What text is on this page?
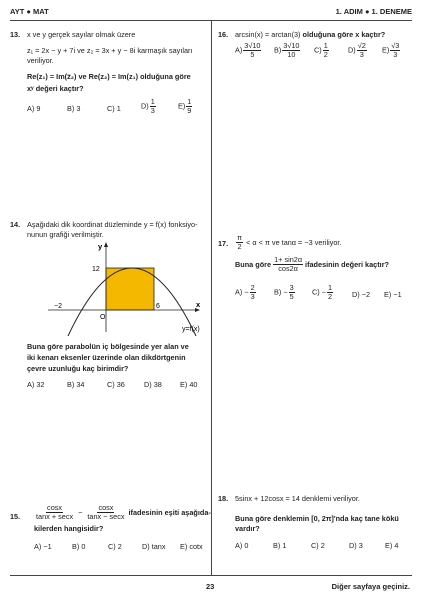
AYT ● MAT	1. ADIM ● 1. DENEME
13. x ve y gerçek sayılar olmak üzere
z₁ = 2x − y + 7i ve z₂ = 3x + y − 8i karmaşık sayıları
veriliyor.
Re(z₁) = Im(z̅₂) ve Re(z₂) = Im(z₁) olduğuna göre
xʸ değeri kaçtır?
A) 9	B) 3	C) 1	$D) \frac{1}{3}$	$E) \frac{1}{9}$
14. Aşağıdaki dik koordinat düzleminde y = f(x) fonksiyo-
nunun grafiği verilmiştir.
y
x
12
−2	6
O
y=f(x)
Buna göre parabolün iç bölgesinde yer alan ve
iki kenarı eksenler üzerinde olan dikdörtgenin
çevre uzunluğu kaç birimdir?
A) 32	B) 34	C) 36	D) 38 E) 40
15. $\frac{\cos x}{\tan x + \sec x} - \frac{\cos x}{\tan x - \sec x}$ ifadesinin eşiti aşağıda-
kilerden hangisidir?
A) −1	B) 0	C) 2	D) tanx E) cotx
16. arcsin(x) = arctan(3) olduğuna göre x kaçtır?
$A) \frac{3√10}{5} B) \frac{3√10}{10} C) \frac{1}{2}$	$D) \frac{√2}{3} E) \frac{√3}{3}$
17. $\frac{\pi}{2} < \alpha < \pi$ ve tanα = −3 veriliyor.
Buna göre $\frac{1+ \sin 2\alpha}{\cos 2\alpha}$ ifadesinin değeri kaçtır?
$A) - \frac{2}{3}$	$B) - \frac{3}{5} C) - \frac{1}{2}$	D) −2 E) −1
18. 5sinx + 12cosx = 14 denklemi veriliyor.
Buna göre denklemin [0, 2π]'nda kaç tane kökü
vardır?
A) 0	B) 1	C) 2	D) 3	E) 4
23	Diğer sayfaya geçiniz.
